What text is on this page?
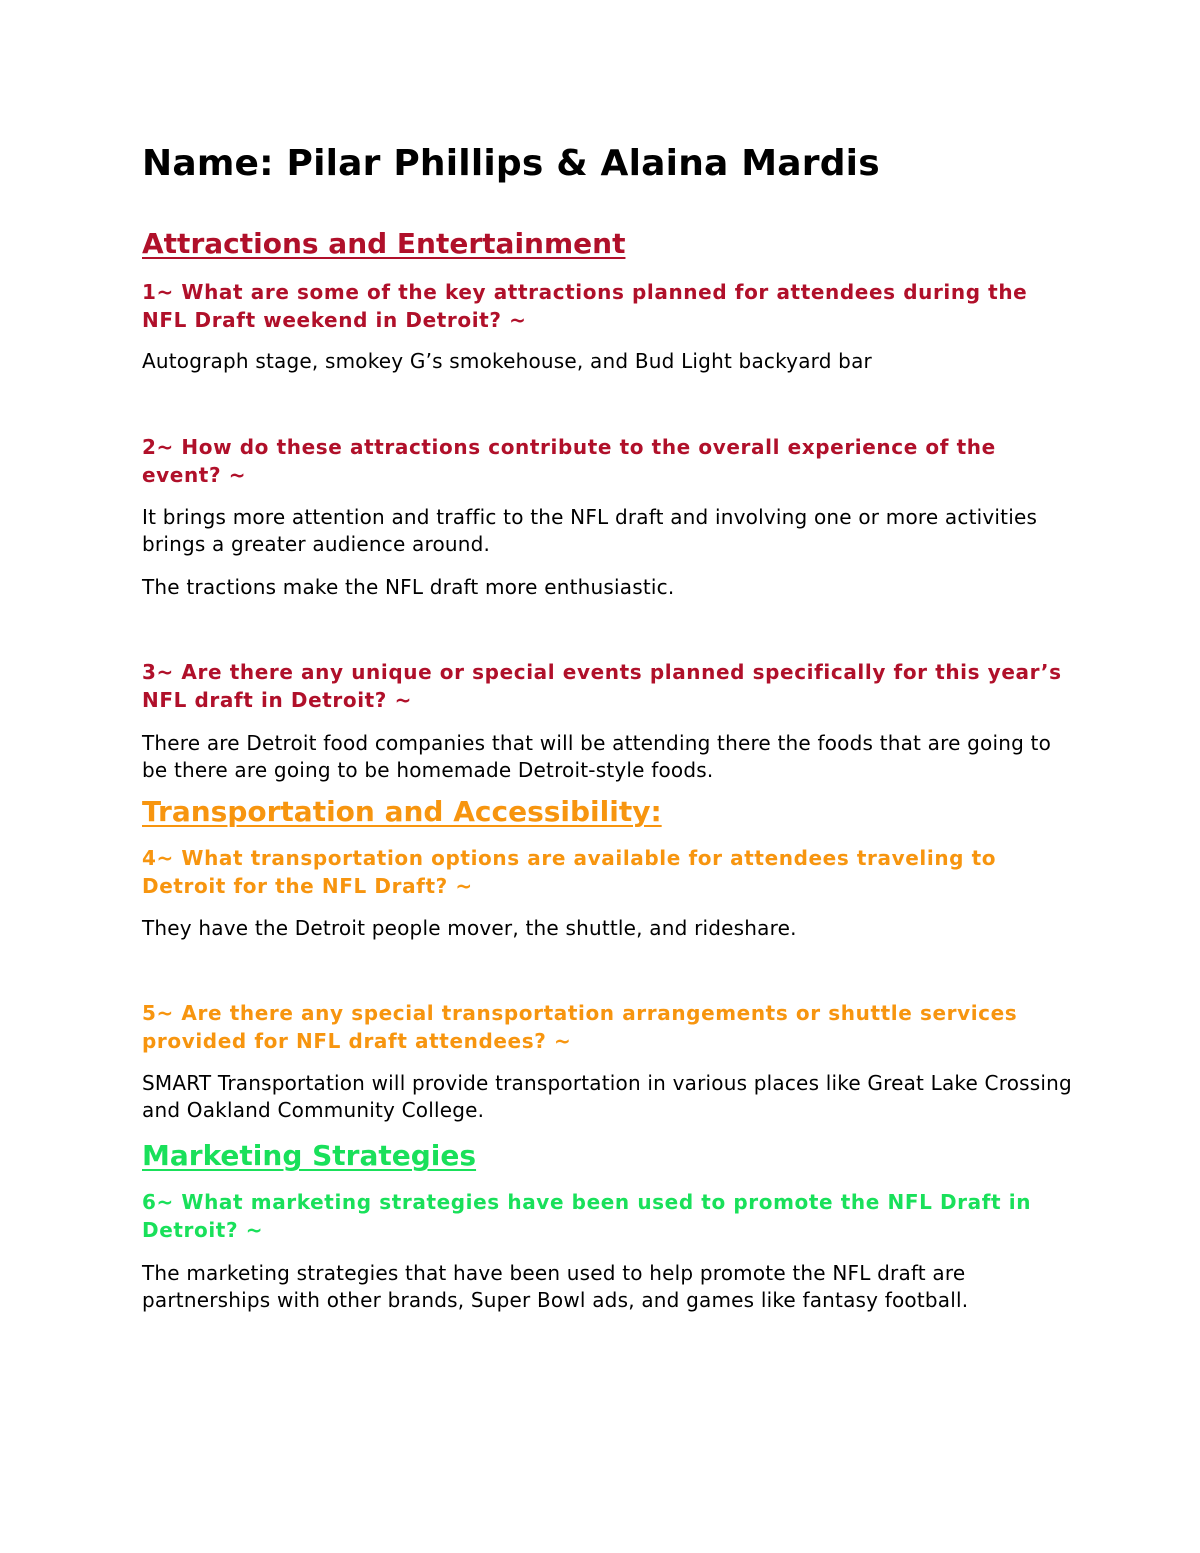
Name: Pilar Phillips & Alaina Mardis
Attractions and Entertainment

1~ What are some of the key attractions planned for attendees during the NFL Draft weekend in Detroit? ~

Autograph stage, smokey G’s smokehouse, and Bud Light backyard bar

2~ How do these attractions contribute to the overall experience of the event? ~

It brings more attention and traffic to the NFL draft and involving one or more activities brings a greater audience around.

The tractions make the NFL draft more enthusiastic.

3~ Are there any unique or special events planned specifically for this year’s NFL draft in Detroit? ~

There are Detroit food companies that will be attending there the foods that are going to be there are going to be homemade Detroit-style foods.

Transportation and Accessibility:

4~ What transportation options are available for attendees traveling to Detroit for the NFL Draft? ~

They have the Detroit people mover, the shuttle, and rideshare.

5~ Are there any special transportation arrangements or shuttle services provided for NFL draft attendees? ~

SMART Transportation will provide transportation in various places like Great Lake Crossing and Oakland Community College.

Marketing Strategies

6~ What marketing strategies have been used to promote the NFL Draft in Detroit? ~

The marketing strategies that have been used to help promote the NFL draft are partnerships with other brands, Super Bowl ads, and games like fantasy football.
